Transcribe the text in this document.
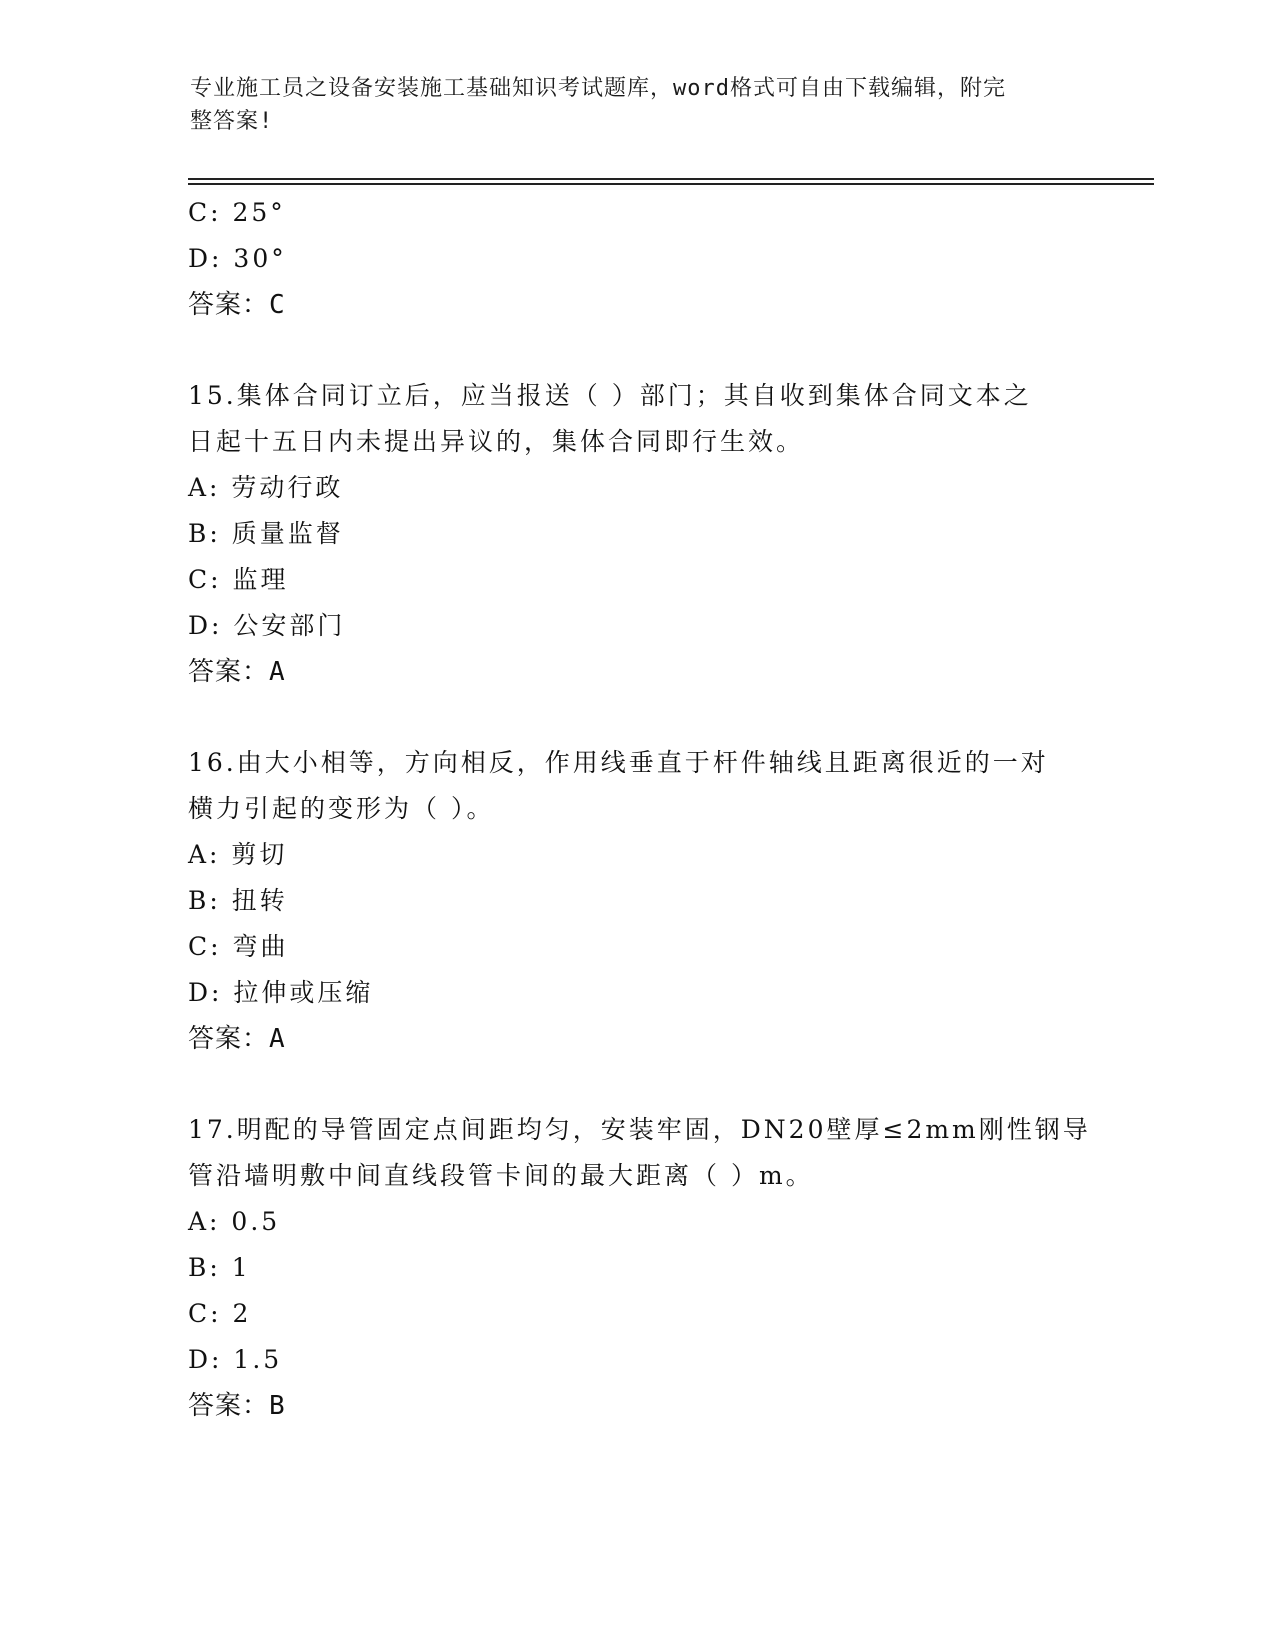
专业施工员之设备安装施工基础知识考试题库，word格式可自由下载编辑，附完
整答案!
C: 25°
D: 30°
答案：C
15.集体合同订立后，应当报送（ ）部门；其自收到集体合同文本之
日起十五日内未提出异议的，集体合同即行生效。
A: 劳动行政
B: 质量监督
C: 监理
D: 公安部门
答案：A
16.由大小相等，方向相反，作用线垂直于杆件轴线且距离很近的一对
横力引起的变形为（ ）。
A: 剪切
B: 扭转
C: 弯曲
D: 拉伸或压缩
答案：A
17.明配的导管固定点间距均匀，安装牢固，DN20壁厚≤2mm刚性钢导
管沿墙明敷中间直线段管卡间的最大距离（ ）m。
A: 0.5
B: 1
C: 2
D: 1.5
答案：B
